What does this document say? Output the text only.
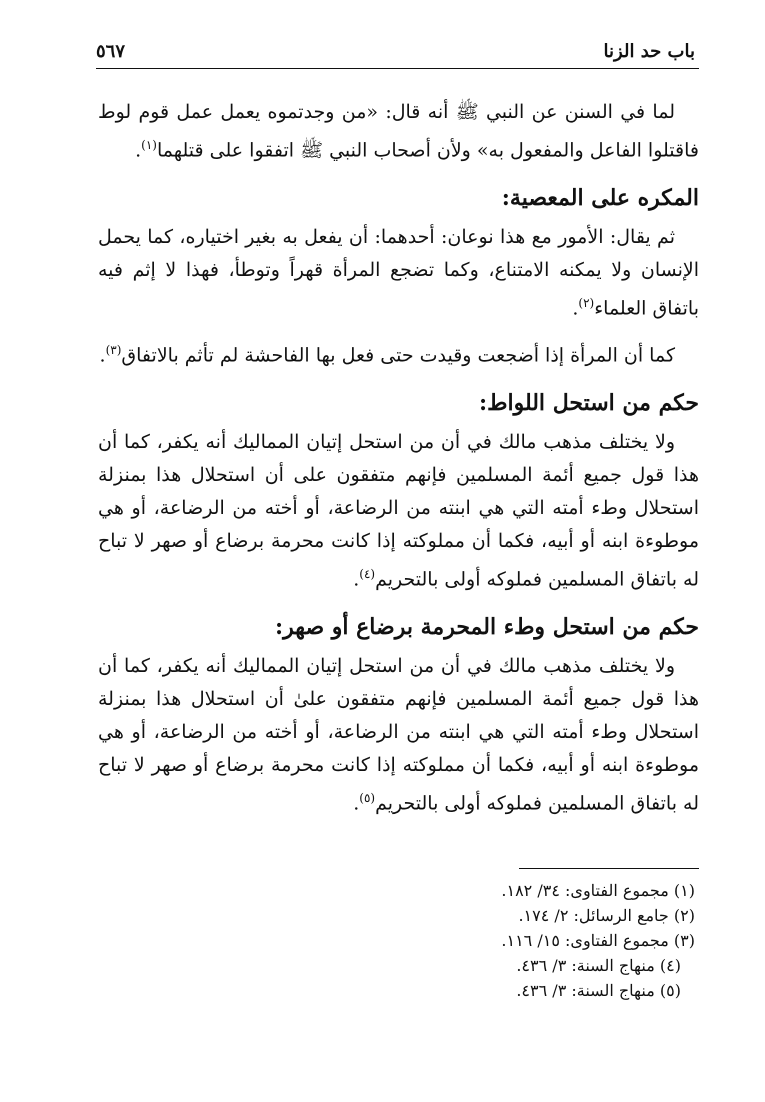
باب حد الزنا
٥٦٧

لما في السنن عن النبي ﷺ أنه قال: «من وجدتموه يعمل عمل قوم لوط فاقتلوا الفاعل والمفعول به» ولأن أصحاب النبي ﷺ اتفقوا على قتلهما$^{(١)}$.

المكره على المعصية:

ثم يقال: الأمور مع هذا نوعان: أحدهما: أن يفعل به بغير اختياره، كما يحمل الإنسان ولا يمكنه الامتناع، وكما تضجع المرأة قهراً وتوطأ، فهذا لا إثم فيه باتفاق العلماء$^{(٢)}$.

كما أن المرأة إذا أضجعت وقيدت حتى فعل بها الفاحشة لم تأثم بالاتفاق$^{(٣)}$.

حكم من استحل اللواط:

ولا يختلف مذهب مالك في أن من استحل إتيان المماليك أنه يكفر، كما أن هذا قول جميع أئمة المسلمين فإنهم متفقون على أن استحلال هذا بمنزلة استحلال وطء أمته التي هي ابنته من الرضاعة، أو أخته من الرضاعة، أو هي موطوءة ابنه أو أبيه، فكما أن مملوكته إذا كانت محرمة برضاع أو صهر لا تباح له باتفاق المسلمين فملوكه أولى بالتحريم$^{(٤)}$.

حكم من استحل وطء المحرمة برضاع أو صهر:

ولا يختلف مذهب مالك في أن من استحل إتيان المماليك أنه يكفر، كما أن هذا قول جميع أئمة المسلمين فإنهم متفقون علىٰ أن استحلال هذا بمنزلة استحلال وطء أمته التي هي ابنته من الرضاعة، أو أخته من الرضاعة، أو هي موطوءة ابنه أو أبيه، فكما أن مملوكته إذا كانت محرمة برضاع أو صهر لا تباح له باتفاق المسلمين فملوكه أولى بالتحريم$^{(٥)}$.

(١) مجموع الفتاوى: ٣٤/ ١٨٢.
(٢) جامع الرسائل: ٢/ ١٧٤.
(٣) مجموع الفتاوى: ١٥/ ١١٦.
(٤) منهاج السنة: ٣/ ٤٣٦.
(٥) منهاج السنة: ٣/ ٤٣٦.
